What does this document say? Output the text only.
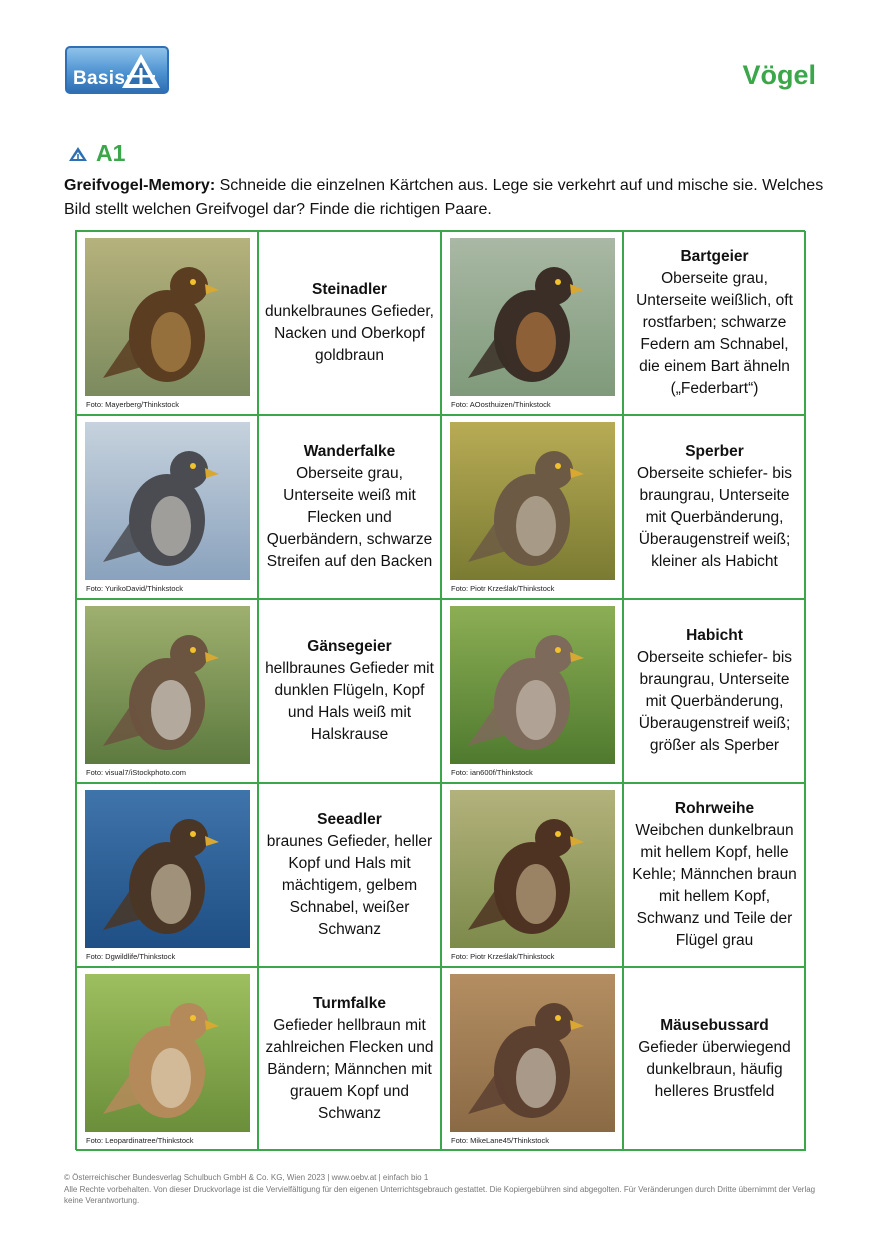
Basis	Vögel
A1
Greifvogel-Memory: Schneide die einzelnen Kärtchen aus. Lege sie verkehrt auf und mische sie. Welches Bild stellt welchen Greifvogel dar? Finde die richtigen Paare.
Foto: Mayerberg/Thinkstock
Steinadler
dunkelbraunes Gefieder, Nacken und Oberkopf goldbraun
Foto: AOosthuizen/Thinkstock
Bartgeier
Oberseite grau, Unterseite weißlich, oft rostfarben; schwarze Federn am Schnabel, die einem Bart ähneln („Federbart“)
Foto: YurikoDavid/Thinkstock
Wanderfalke
Oberseite grau, Unterseite weiß mit Flecken und Querbändern, schwarze Streifen auf den Backen
Foto: Piotr Krześlak/Thinkstock
Sperber
Oberseite schiefer- bis braungrau, Unterseite mit Querbänderung, Überaugenstreif weiß; kleiner als Habicht
Foto: visual7/iStockphoto.com
Gänsegeier
hellbraunes Gefieder mit dunklen Flügeln, Kopf und Hals weiß mit Halskrause
Foto: ian600f/Thinkstock
Habicht
Oberseite schiefer- bis braungrau, Unterseite mit Querbänderung, Überaugenstreif weiß; größer als Sperber
Foto: Dgwildlife/Thinkstock
Seeadler
braunes Gefieder, heller Kopf und Hals mit mächtigem, gelbem Schnabel, weißer Schwanz
Foto: Piotr Krześlak/Thinkstock
Rohrweihe
Weibchen dunkelbraun mit hellem Kopf, helle Kehle; Männchen braun mit hellem Kopf, Schwanz und Teile der Flügel grau
Foto: Leopardinatree/Thinkstock
Turmfalke
Gefieder hellbraun mit zahlreichen Flecken und Bändern; Männchen mit grauem Kopf und Schwanz
Foto: MikeLane45/Thinkstock
Mäusebussard
Gefieder überwiegend dunkelbraun, häufig helleres Brustfeld
© Österreichischer Bundesverlag Schulbuch GmbH & Co. KG, Wien 2023 | www.oebv.at | einfach bio 1
Alle Rechte vorbehalten. Von dieser Druckvorlage ist die Vervielfältigung für den eigenen Unterrichtsgebrauch gestattet. Die Kopiergebühren sind abgegolten. Für Veränderungen durch Dritte übernimmt der Verlag keine Verantwortung.
